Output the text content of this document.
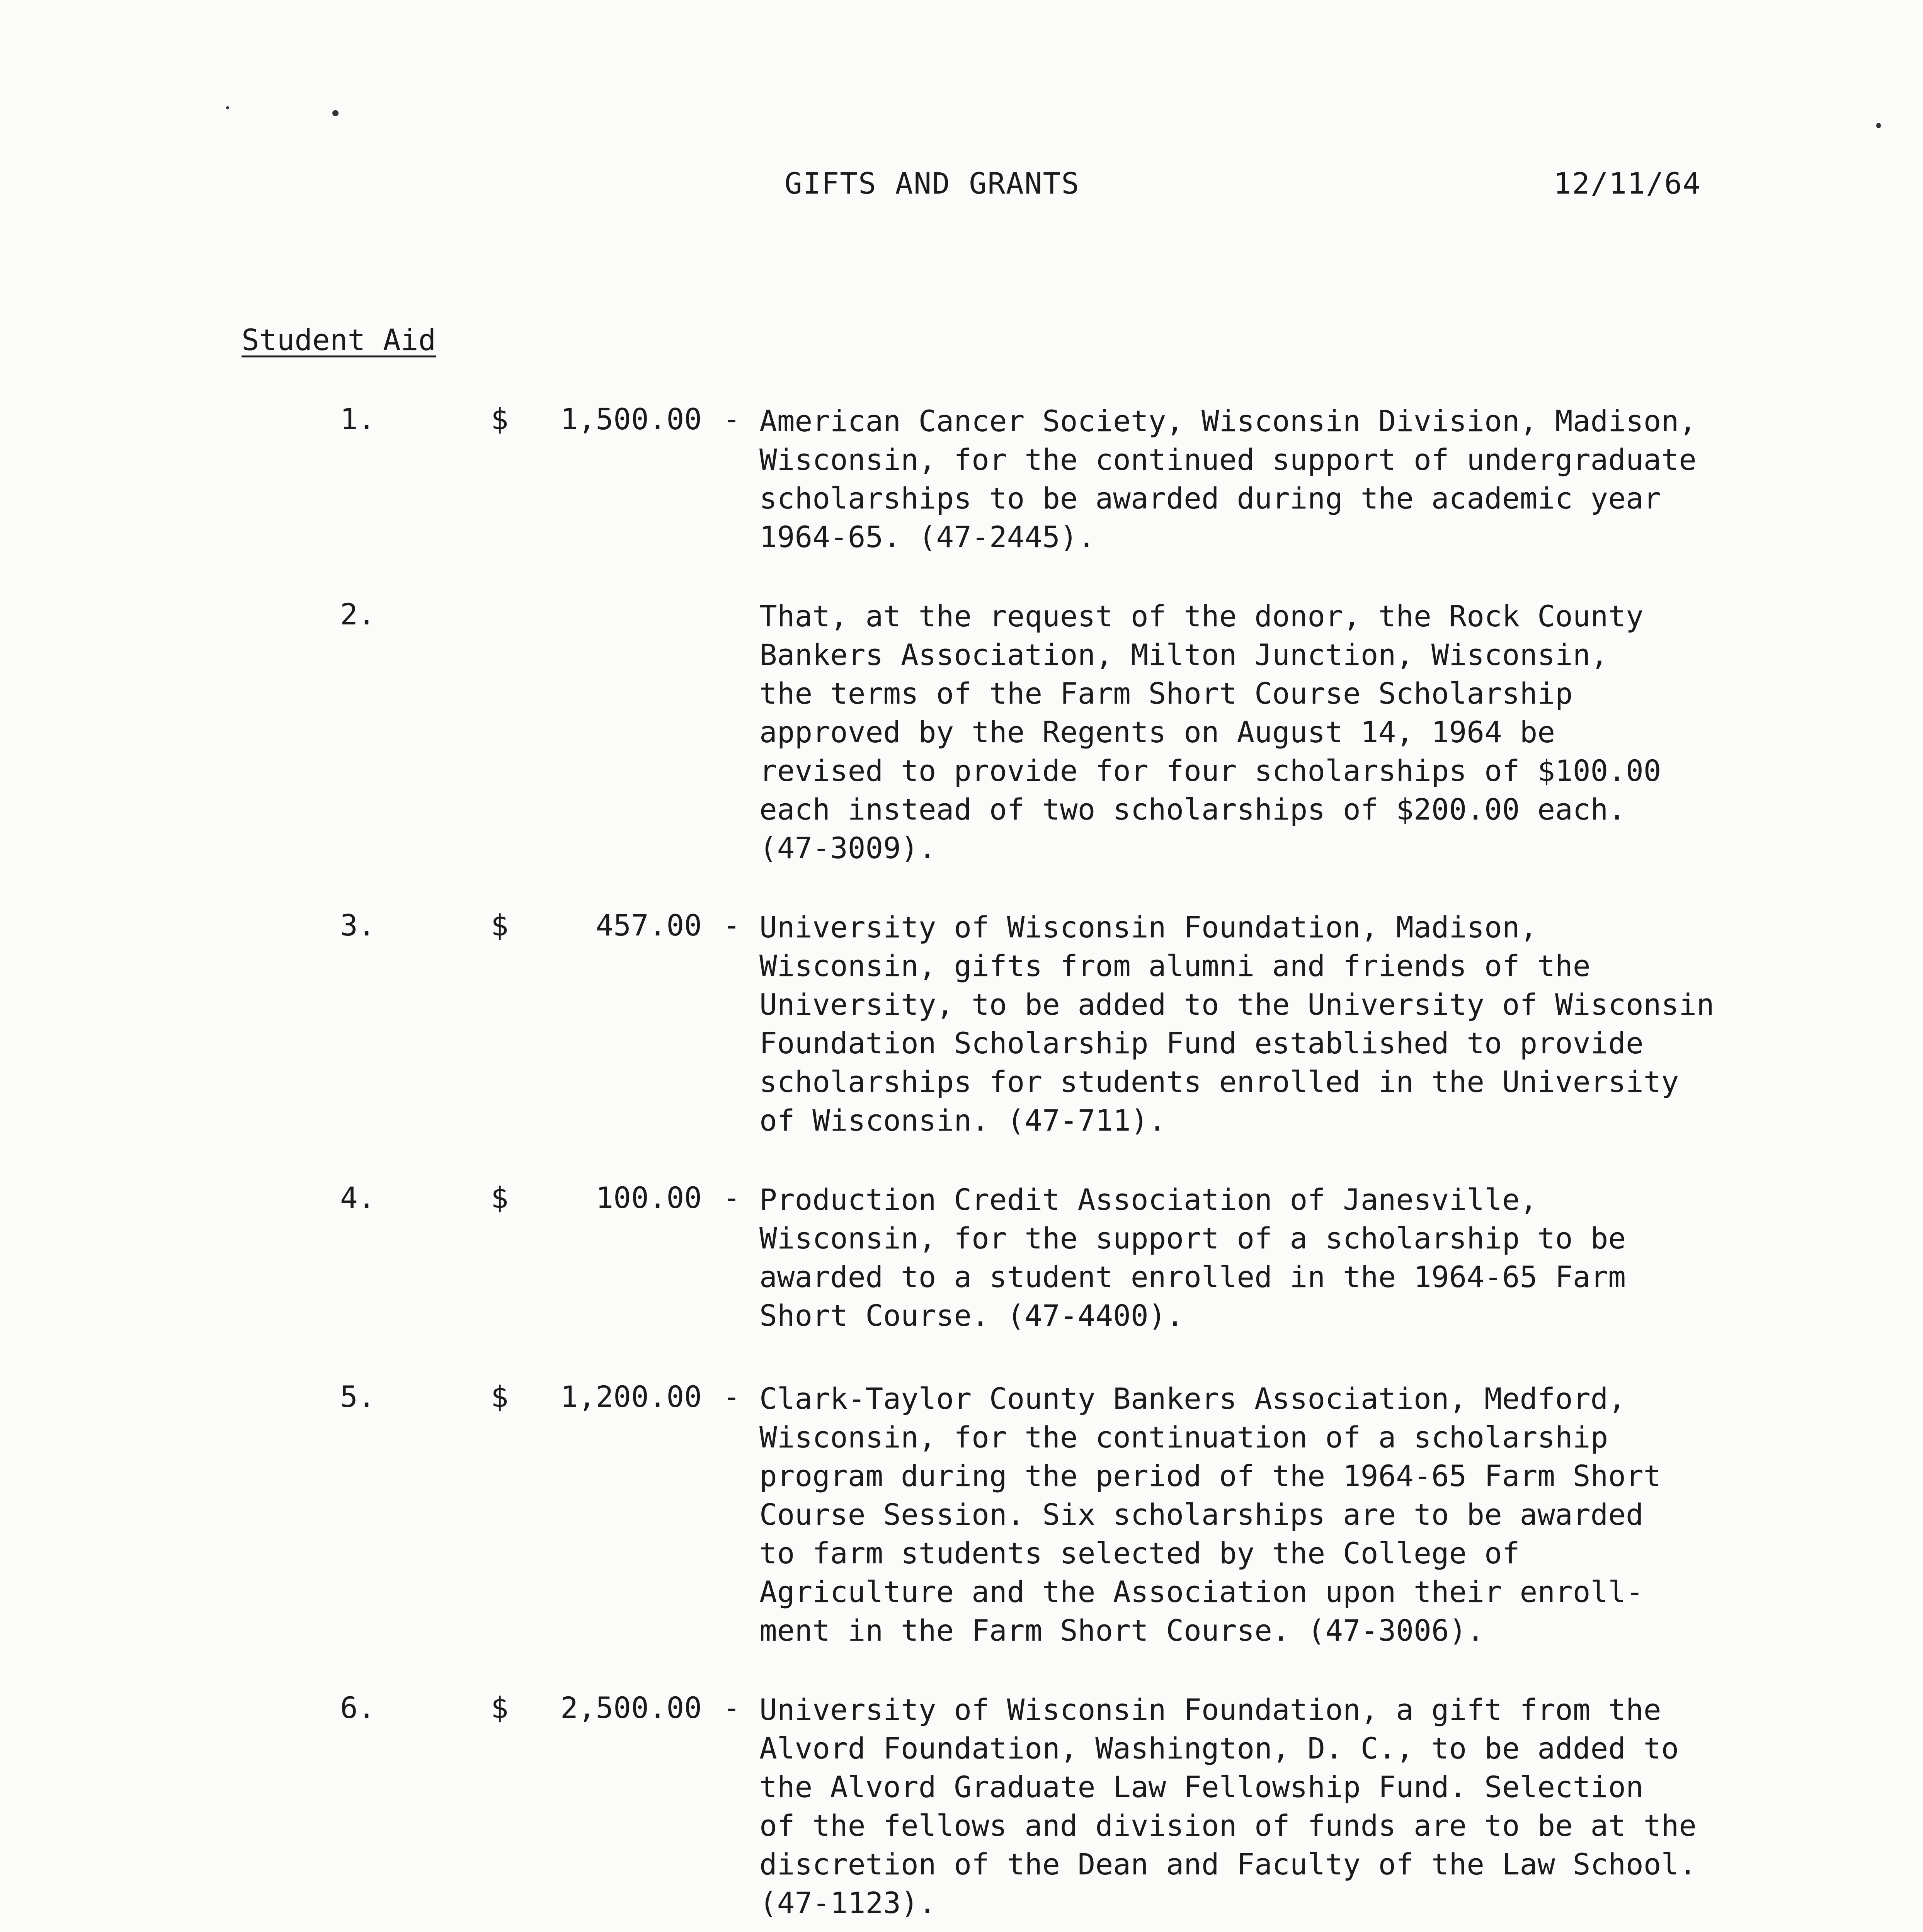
GIFTS AND GRANTS	12/11/64
Student Aid
1.	$ 1,500.00 - American Cancer Society, Wisconsin Division, Madison,
Wisconsin, for the continued support of undergraduate
scholarships to be awarded during the academic year
1964-65. (47-2445).
2.	That, at the request of the donor, the Rock County
Bankers Association, Milton Junction, Wisconsin,
the terms of the Farm Short Course Scholarship
approved by the Regents on August 14, 1964 be
revised to provide for four scholarships of $100.00
each instead of two scholarships of $200.00 each.
(47-3009).
3.	$	457.00 - University of Wisconsin Foundation, Madison,
Wisconsin, gifts from alumni and friends of the
University, to be added to the University of Wisconsin
Foundation Scholarship Fund established to provide
scholarships for students enrolled in the University
of Wisconsin. (47-711).
4.	$	100.00 - Production Credit Association of Janesville,
Wisconsin, for the support of a scholarship to be
awarded to a student enrolled in the 1964-65 Farm
Short Course. (47-4400).
5.	$ 1,200.00 - Clark-Taylor County Bankers Association, Medford,
Wisconsin, for the continuation of a scholarship
program during the period of the 1964-65 Farm Short
Course Session. Six scholarships are to be awarded
to farm students selected by the College of
Agriculture and the Association upon their enroll-
ment in the Farm Short Course. (47-3006).
6.	$ 2,500.00 - University of Wisconsin Foundation, a gift from the
Alvord Foundation, Washington, D. C., to be added to
the Alvord Graduate Law Fellowship Fund. Selection
of the fellows and division of funds are to be at the
discretion of the Dean and Faculty of the Law School.
(47-1123).
